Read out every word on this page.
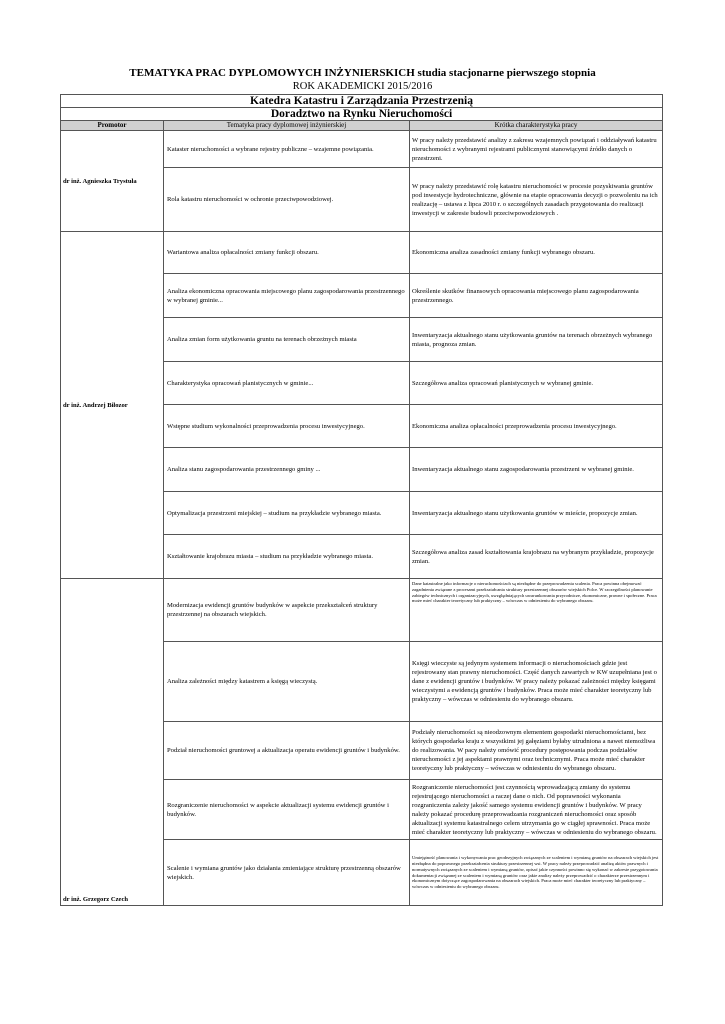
TEMATYKA PRAC DYPLOMOWYCH INŻYNIERSKICH studia stacjonarne pierwszego stopnia
ROK AKADEMICKI 2015/2016
Katedra Katastru i Zarządzania Przestrzenią		
Doradztwo na Rynku Nieruchomości		
Promotor	Tematyka pracy dyplomowej inżynierskiej	Krótka charakterystyka pracy
dr inż. Agnieszka Trystuła	Kataster nieruchomości a wybrane rejestry publiczne – wzajemne powiązania.	W pracy należy przedstawić analizy z zakresu wzajemnych powiązań i oddziaływań katastru nieruchomości z wybranymi rejestrami publicznymi stanowiącymi źródło danych o przestrzeni.
	Rola katastru nieruchomości w ochronie przeciwpowodziowej.	W pracy należy przedstawić rolę katastru nieruchomości w procesie pozyskiwania gruntów pod inwestycje hydrotechniczne, głównie na etapie opracowania decyzji o pozwoleniu na ich realizację – ustawa z lipca 2010 r. o szczególnych zasadach przygotowania do realizacji inwestycji w zakresie budowli przeciwpowodziowych .
dr inż. Andrzej Biłozor	Wariantowa analiza opłacalności zmiany funkcji obszaru.	Ekonomiczna analiza zasadności zmiany funkcji wybranego obszaru.
	Analiza ekonomiczna opracowania miejscowego planu zagospodarowania przestrzennego w wybranej gminie...	Określenie skutków finansowych opracowania miejscowego planu zagospodarowania przestrzennego.
	Analiza zmian form użytkowania gruntu na terenach obrzeżnych miasta	Inwentaryzacja aktualnego stanu użytkowania gruntów na terenach obrzeżnych wybranego miasta, prognoza zmian.
	Charakterystyka opracowań planistycznych w gminie...	Szczegółowa analiza opracowań planistycznych w wybranej gminie.
	Wstępne studium wykonalności przeprowadzenia procesu inwestycyjnego.	Ekonomiczna analiza opłacalności przeprowadzenia procesu inwestycyjnego.
	Analiza stanu zagospodarowania przestrzennego gminy ...	Inwentaryzacja aktualnego stanu zagospodarowania przestrzeni w wybranej gminie.
	Optymalizacja przestrzeni miejskiej – studium na przykładzie wybranego miasta.	Inwentaryzacja aktualnego stanu użytkowania gruntów w mieście, propozycje zmian.
	Kształtowanie krajobrazu miasta – studium na przykładzie wybranego miasta.	Szczegółowa analiza zasad kształtowania krajobrazu na wybranym przykładzie, propozycje zmian.
dr inż. Grzegorz Czech	Modernizacja ewidencji gruntów budynków w aspekcie przekształceń struktury przestrzennej na obszarach wiejskich.	Dane katastralne jako informacje o nieruchomościach są niezbędne do przeprowadzenia scalenia. Praca powinna obejmować zagadnienia związane z procesami przekształcania struktury przestrzennej obszarów wiejskich Polce. W szczególności planowanie zabiegów technicznych i organizacyjnych, uwzględniających uwarunkowania przyrodnicze, ekonomiczne, prawne i społeczne. Praca może mieć charakter teoretyczny lub praktyczny – wówczas w odniesieniu do wybranego obszaru.
	Analiza zależności między katastrem a księgą wieczystą.	Księgi wieczyste są jedynym systemem informacji o nieruchomościach gdzie jest rejestrowany stan prawny nieruchomości. Część danych zawartych w KW uzupełniana jest o dane z ewidencji gruntów i budynków. W pracy należy pokazać zależności między księgami wieczystymi a ewidencją gruntów i budynków. Praca może mieć charakter teoretyczny lub praktyczny – wówczas w odniesieniu do wybranego obszaru.
	Podział nieruchomości gruntowej a aktualizacja operatu ewidencji gruntów i budynków.	Podziały nieruchomości są nieodzownym elementem gospodarki nieruchomościami, bez których gospodarka kraju z wszystkimi jej gałęziami byłaby utrudniona a nawet niemożliwa do realizowania. W pacy należy omówić procedury postępowania podczas podziałów nieruchomości z jej aspektami prawnymi oraz technicznymi. Praca może mieć charakter teoretyczny lub praktyczny – wówczas w odniesieniu do wybranego obszaru.
	Rozgraniczenie nieruchomości w aspekcie aktualizacji systemu ewidencji gruntów i budynków.	Rozgraniczenie nieruchomości jest czynnością wprowadzającą zmiany do systemu rejestrującego nieruchomości a raczej dane o nich. Od poprawności wykonania rozgraniczenia zależy jakość samego systemu ewidencji gruntów i budynków. W pracy należy pokazać procedurę przeprowadzania rozgraniczeń nieruchomości oraz sposób aktualizacji systemu katastralnego celem utrzymania go w ciągłej sprawności. Praca może mieć charakter teoretyczny lub praktyczny – wówczas w odniesieniu do wybranego obszaru.
	Scalenie i wymiana gruntów jako działania zmieniające strukturę przestrzenną obszarów wiejskich.	Umiejętność planowania i wykonywania prac geodezyjnych związanych ze scaleniem i wymianą gruntów na obszarach wiejskich jest niezbędna do poprawnego przekształcenia struktury przestrzennej wsi. W pracy należy przeprowadzić analizę aktów prawnych i normatywnych związanych ze scaleniem i wymianą gruntów, opisać jakie czynności powinno się wykonać w zakresie przygotowania dokumentacji związanej ze scaleniem i wymianą gruntów oraz jakie analizy należy przeprowadzić o charakterze przestrzennym i ekonomicznym dotyczące zagospodarowania na obszarach wiejskich. Praca może mieć charakter teoretyczny lub praktyczny – wówczas w odniesieniu do wybranego obszaru.
